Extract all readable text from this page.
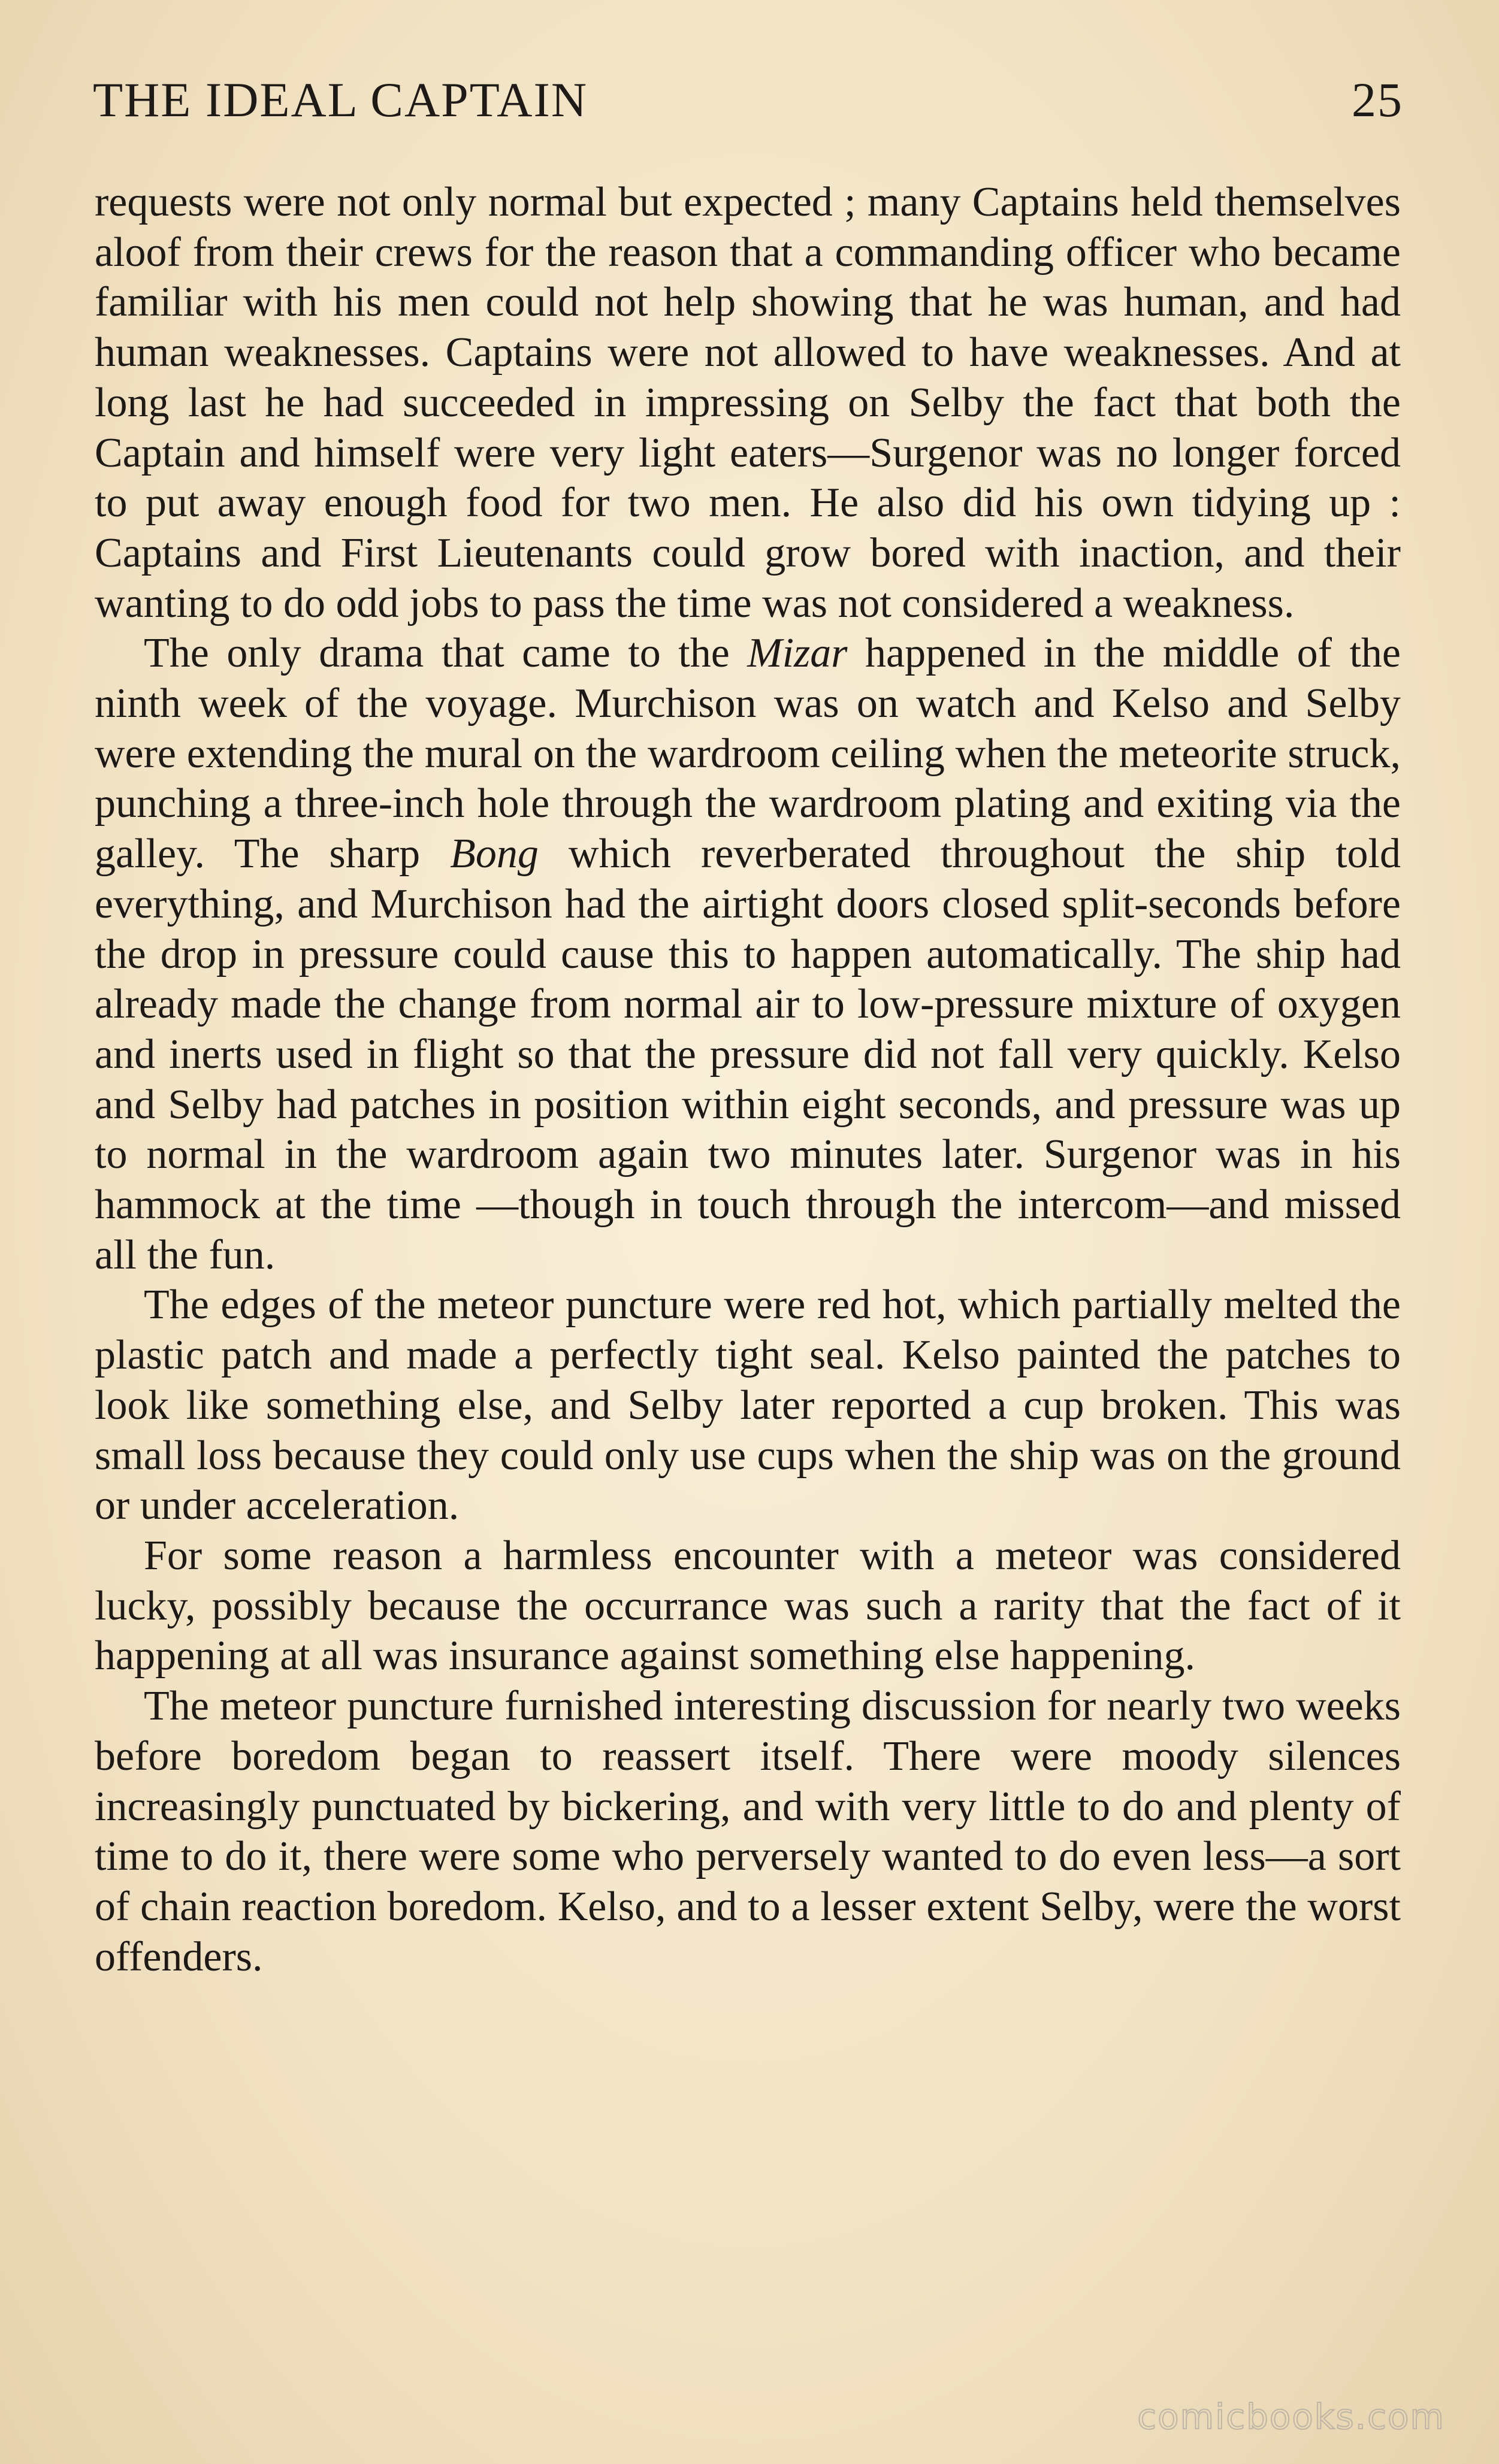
THE IDEAL CAPTAIN	25

requests were not only normal but expected ; many Captains held themselves aloof from their crews for the reason that a commanding officer who became familiar with his men could not help showing that he was human, and had human weaknesses. Captains were not allowed to have weaknesses. And at long last he had succeeded in impressing on Selby the fact that both the Captain and himself were very light eaters—Surgenor was no longer forced to put away enough food for two men. He also did his own tidying up : Captains and First Lieutenants could grow bored with inaction, and their wanting to do odd jobs to pass the time was not considered a weakness.

The only drama that came to the Mizar happened in the middle of the ninth week of the voyage. Murchison was on watch and Kelso and Selby were extending the mural on the wardroom ceiling when the meteorite struck, punching a three-inch hole through the wardroom plating and exiting via the galley. The sharp Bong which reverberated throughout the ship told everything, and Murchison had the airtight doors closed split-seconds before the drop in pressure could cause this to happen automatically. The ship had already made the change from normal air to low-pressure mixture of oxygen and inerts used in flight so that the pressure did not fall very quickly. Kelso and Selby had patches in position within eight seconds, and pressure was up to normal in the wardroom again two minutes later. Surgenor was in his hammock at the time —though in touch through the intercom—and missed all the fun.

The edges of the meteor puncture were red hot, which partially melted the plastic patch and made a perfectly tight seal. Kelso painted the patches to look like something else, and Selby later reported a cup broken. This was small loss because they could only use cups when the ship was on the ground or under acceleration.

For some reason a harmless encounter with a meteor was considered lucky, possibly because the occurrance was such a rarity that the fact of it happening at all was insurance against something else happening.

The meteor puncture furnished interesting discussion for nearly two weeks before boredom began to reassert itself. There were moody silences increasingly punctuated by bickering, and with very little to do and plenty of time to do it, there were some who perversely wanted to do even less—a sort of chain reaction boredom. Kelso, and to a lesser extent Selby, were the worst offenders.

comicbooks.com
